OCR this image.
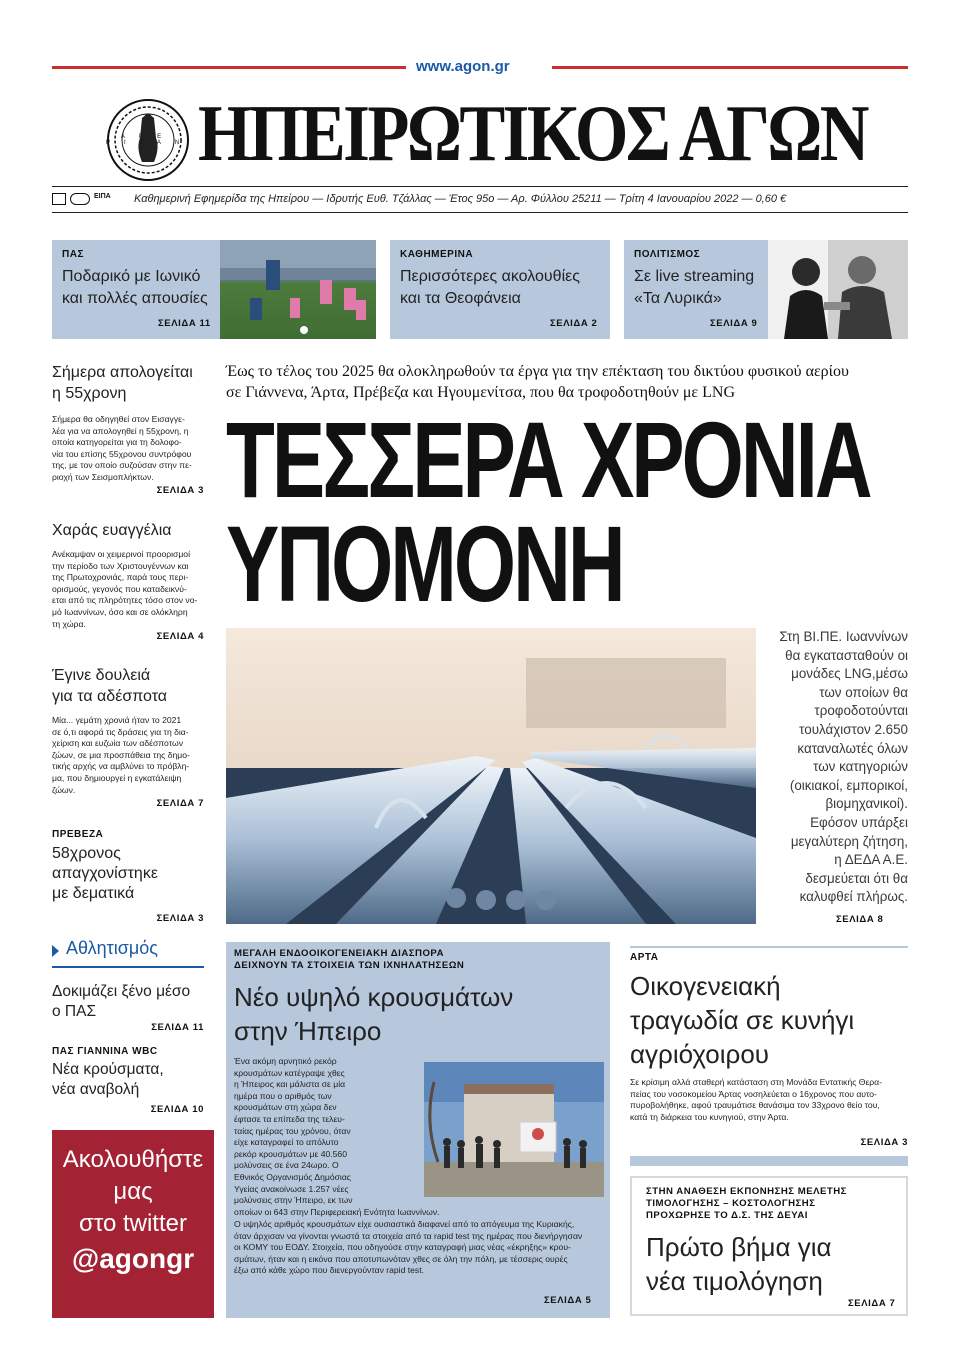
www.agon.gr
ΑΠΕ ΡΙΤΑΝ ΗΠΕΙΡΩΤΙΚΟΣ ΑΓΩΝ
ΕΙΠΑ Καθημερινή Εφημερίδα της Ηπείρου — Ιδρυτής Ευθ. Τζάλλας — Έτος 95ο — Αρ. Φύλλου 25211 — Τρίτη 4 Ιανουαρίου 2022 — 0,60 €
ΠΑΣ
Ποδαρικό με Ιωνικό
και πολλές απουσίες
ΣΕΛΙΔΑ 11
ΚΑΘΗΜΕΡΙΝΑ
Περισσότερες ακολουθίες
και τα Θεοφάνεια
ΣΕΛΙΔΑ 2
ΠΟΛΙΤΙΣΜΟΣ
Σε live streaming
«Τα Λυρικά»
ΣΕΛΙΔΑ 9
Σήμερα απολογείται
η 55χρονη
Σήμερα θα οδηγηθεί στον Εισαγγε-
λέα για να απολογηθεί η 55χρονη, η
οποία κατηγορείται για τη δολοφο-
νία του επίσης 55χρονου συντρόφου
της, με τον οποίο συζούσαν στην πε-
ριοχή των Σεισμοπλήκτων.
ΣΕΛΙΔΑ 3
Χαράς ευαγγέλια
Ανέκαμψαν οι χειμερινοί προορισμοί
την περίοδο των Χριστουγέννων και
της Πρωτοχρονιάς, παρά τους περι-
ορισμούς, γεγονός που καταδεικνύ-
εται από τις πληρότητες τόσο στον νο-
μό Ιωαννίνων, όσο και σε ολόκληρη
τη χώρα.
ΣΕΛΙΔΑ 4
Έγινε δουλειά
για τα αδέσποτα
Μία... γεμάτη χρονιά ήταν το 2021
σε ό,τι αφορά τις δράσεις για τη δια-
χείριση και ευζωία των αδέσποτων
ζώων, σε μια προσπάθεια της δημο-
τικής αρχής να αμβλύνει το πρόβλη-
μα, που δημιουργεί η εγκατάλειψη
ζώων.
ΣΕΛΙΔΑ 7
ΠΡΕΒΕΖΑ
58χρονος
απαγχονίστηκε
με δεματικά
ΣΕΛΙΔΑ 3
Αθλητισμός
Δοκιμάζει ξένο μέσο
ο ΠΑΣ
ΣΕΛΙΔΑ 11
ΠΑΣ ΓΙΑΝΝΙΝΑ WBC
Νέα κρούσματα,
νέα αναβολή
ΣΕΛΙΔΑ 10
Ακολουθήστε
μας
στο twitter
@agongr
Έως το τέλος του 2025 θα ολοκληρωθούν τα έργα για την επέκταση του δικτύου φυσικού αερίου
σε Γιάννενα, Άρτα, Πρέβεζα και Ηγουμενίτσα, που θα τροφοδοτηθούν με LNG
ΤΕΣΣΕΡΑ ΧΡΟΝΙΑ
ΥΠΟΜΟΝΗ
Στη ΒΙ.ΠΕ. Ιωαννίνων
θα εγκατασταθούν οι
μονάδες LNG,μέσω
των οποίων θα
τροφοδοτούνται
τουλάχιστον 2.650
καταναλωτές όλων
των κατηγοριών
(οικιακοί, εμπορικοί,
βιομηχανικοί).
Εφόσον υπάρξει
μεγαλύτερη ζήτηση,
η ΔΕΔΑ Α.Ε.
δεσμεύεται ότι θα
καλυφθεί πλήρως.
ΣΕΛΙΔΑ 8
ΜΕΓΑΛΗ ΕΝΔΟΟΙΚΟΓΕΝΕΙΑΚΗ ΔΙΑΣΠΟΡΑ
ΔΕΙΧΝΟΥΝ ΤΑ ΣΤΟΙΧΕΙΑ ΤΩΝ ΙΧΝΗΛΑΤΗΣΕΩΝ
Νέο υψηλό κρουσμάτων
στην Ήπειρο
Ένα ακόμη αρνητικό ρεκόρ
κρουσμάτων κατέγραψε χθες
η Ήπειρος και μάλιστα σε μία
ημέρα που ο αριθμός των
κρουσμάτων στη χώρα δεν
έφτασε τα επίπεδα της τελευ-
ταίας ημέρας του χρόνου, όταν
είχε καταγραφεί το απόλυτο
ρεκόρ κρουσμάτων με 40.560
μολύνσεις σε ένα 24ωρο. Ο
Εθνικός Οργανισμός Δημόσιας
Υγείας ανακοίνωσε 1.257 νέες
μολύνσεις στην Ήπειρο, εκ των
οποίων οι 643 στην Περιφερειακή Ενότητα Ιωαννίνων.
Ο υψηλός αριθμός κρουσμάτων είχε ουσιαστικά διαφανεί από το απόγευμα της Κυριακής,
όταν άρχισαν να γίνονται γνωστά τα στοιχεία από τα rapid test της ημέρας που διενήργησαν
οι ΚΟΜΥ του ΕΟΔΥ. Στοιχεία, που οδηγούσε στην καταγραφή μιας νέας «έκρηξης» κρου-
σμάτων, ήταν και η εικόνα που αποτυπωνόταν χθες σε όλη την πόλη, με τέσσερις ουρές
έξω από κάθε χώρο που διενεργούνταν rapid test.
ΣΕΛΙΔΑ 5
ΑΡΤΑ
Οικογενειακή
τραγωδία σε κυνήγι
αγριόχοιρου
Σε κρίσιμη αλλά σταθερή κατάσταση στη Μονάδα Εντατικής Θερα-
πείας του νοσοκομείου Άρτας νοσηλεύεται ο 16χρονος που αυτο-
πυροβολήθηκε, αφού τραυμάτισε θανάσιμα τον 33χρονο θείο του,
κατά τη διάρκεια του κυνηγιού, στην Άρτα.
ΣΕΛΙΔΑ 3
ΣΤΗΝ ΑΝΑΘΕΣΗ ΕΚΠΟΝΗΣΗΣ ΜΕΛΕΤΗΣ
ΤΙΜΟΛΟΓΗΣΗΣ – ΚΟΣΤΟΛΟΓΗΣΗΣ
ΠΡΟΧΩΡΗΣΕ ΤΟ Δ.Σ. ΤΗΣ ΔΕΥΑΙ
Πρώτο βήμα για
νέα τιμολόγηση
ΣΕΛΙΔΑ 7
